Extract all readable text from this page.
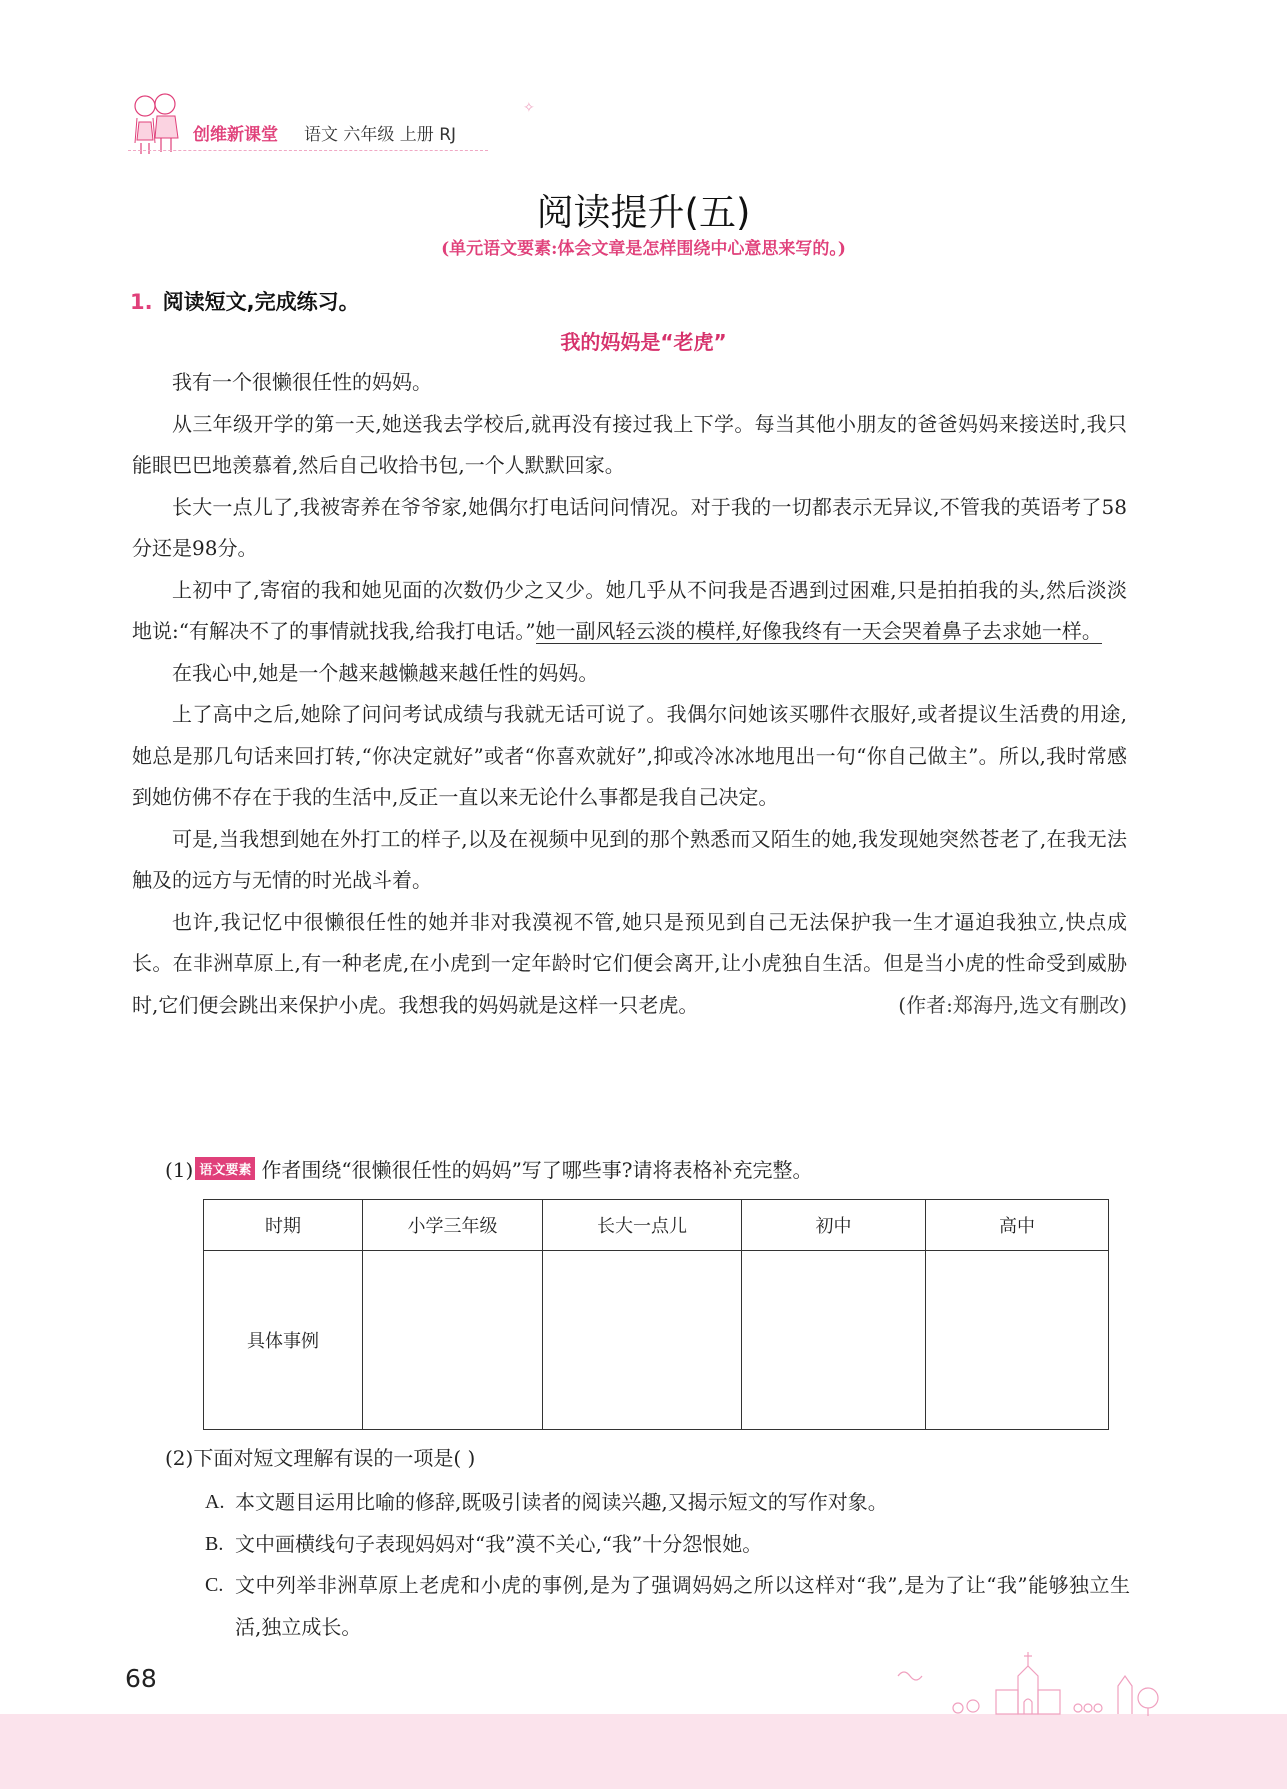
创维新课堂 语文 六年级 上册 RJ
✧
阅读提升(五)
(单元语文要素:体会文章是怎样围绕中心意思来写的。)
1. 阅读短文,完成练习。
我的妈妈是“老虎”

我有一个很懒很任性的妈妈。

从三年级开学的第一天,她送我去学校后,就再没有接过我上下学。每当其他小朋友的爸爸妈妈来接送时,我只能眼巴巴地羡慕着,然后自己收拾书包,一个人默默回家。

长大一点儿了,我被寄养在爷爷家,她偶尔打电话问问情况。对于我的一切都表示无异议,不管我的英语考了58分还是98分。

上初中了,寄宿的我和她见面的次数仍少之又少。她几乎从不问我是否遇到过困难,只是拍拍我的头,然后淡淡地说:“有解决不了的事情就找我,给我打电话。”她一副风轻云淡的模样,好像我终有一天会哭着鼻子去求她一样。

在我心中,她是一个越来越懒越来越任性的妈妈。

上了高中之后,她除了问问考试成绩与我就无话可说了。我偶尔问她该买哪件衣服好,或者提议生活费的用途,她总是那几句话来回打转,“你决定就好”或者“你喜欢就好”,抑或冷冰冰地甩出一句“你自己做主”。所以,我时常感到她仿佛不存在于我的生活中,反正一直以来无论什么事都是我自己决定。

可是,当我想到她在外打工的样子,以及在视频中见到的那个熟悉而又陌生的她,我发现她突然苍老了,在我无法触及的远方与无情的时光战斗着。

也许,我记忆中很懒很任性的她并非对我漠视不管,她只是预见到自己无法保护我一生才逼迫我独立,快点成长。在非洲草原上,有一种老虎,在小虎到一定年龄时它们便会离开,让小虎独自生活。但是当小虎的性命受到威胁时,它们便会跳出来保护小虎。我想我的妈妈就是这样一只老虎。	(作者:郑海丹,选文有删改)
(1) 语文要素 作者围绕“很懒很任性的妈妈”写了哪些事?请将表格补充完整。
时期	小学三年级	长大一点儿	初中	高中
具体事例				
(2)下面对短文理解有误的一项是( )
A. 本文题目运用比喻的修辞,既吸引读者的阅读兴趣,又揭示短文的写作对象。
B. 文中画横线句子表现妈妈对“我”漠不关心,“我”十分怨恨她。
C. 文中列举非洲草原上老虎和小虎的事例,是为了强调妈妈之所以这样对“我”,是为了让“我”能够独立生活,独立成长。
68
